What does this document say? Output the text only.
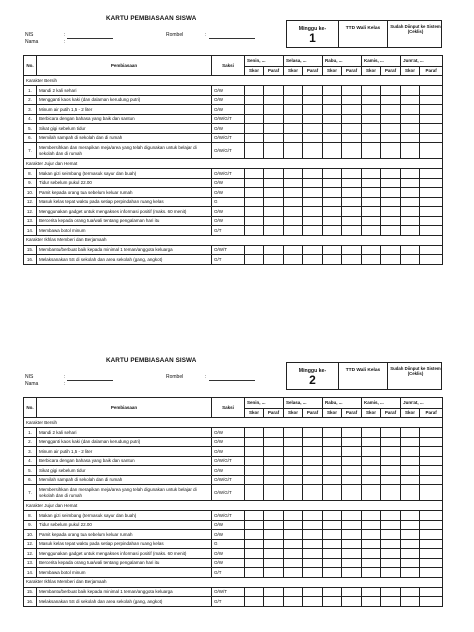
KARTU PEMBIASAAN SISWA
NIS	:
Nama	:
Rombel	:
Minggu ke-
1
TTD Wali Kelas	Sudah Diinput ke Sistem (Ceklis)
No.	Pembiasaan	Saksi	Senin, ...		Selasa, ...		Rabu, ...		Kamis, ...		Jum'at, ...	
			Skor	Paraf	Skor	Paraf	Skor	Paraf	Skor	Paraf	Skor	Paraf
Karakter Bersih												
1.	Mandi 2 kali sehari	O/W										
2.	Mengganti kaos kaki (dan dalaman kerudung putri)	O/W										
3.	Minum air putih 1,5 - 2 liter	O/W										
4.	Berbicara dengan bahasa yang baik dan santun	O/W/G/T										
5.	Sikat gigi sebelum tidur	O/W										
6.	Memilah sampah di sekolah dan di rumah	O/W/G/T										
7.	Membersihkan dan merapikan meja/area yang telah digunakan untuk belajar di sekolah dan di rumah	O/W/G/T										
Karakter Jujur dan Hemat												
8.	Makan gizi seimbang (termasuk sayur dan buah)	O/W/G/T										
9.	Tidur sebelum pukul 22.00	O/W										
10.	Pamit kepada orang tua sebelum keluar rumah	O/W										
12.	Masuk kelas tepat waktu pada setiap perpindahan ruang kelas	G										
12.	Menggunakan gadget untuk mengakses informasi positif (maks. 60 menit)	O/W										
13.	Bercerita kepada orang tua/wali tentang pengalaman hari itu	O/W										
14.	Membawa botol minum	G/T										
Karakter Ikhlas Memberi dan Berjamaah												
15.	Membantu/berbuat baik kepada minimal 1 teman/anggota keluarga	O/W/T										
16.	Melaksanakan 5S di sekolah dan area sekolah (gang, angkot)	G/T										
KARTU PEMBIASAAN SISWA
NIS	:
Nama	:
Rombel	:
Minggu ke-
2
TTD Wali Kelas	Sudah Diinput ke Sistem (Ceklis)
No.	Pembiasaan	Saksi	Senin, ...		Selasa, ...		Rabu, ...		Kamis, ...		Jum'at, ...	
			Skor	Paraf	Skor	Paraf	Skor	Paraf	Skor	Paraf	Skor	Paraf
Karakter Bersih												
1.	Mandi 2 kali sehari	O/W										
2.	Mengganti kaos kaki (dan dalaman kerudung putri)	O/W										
3.	Minum air putih 1,5 - 2 liter	O/W										
4.	Berbicara dengan bahasa yang baik dan santun	O/W/G/T										
5.	Sikat gigi sebelum tidur	O/W										
6.	Memilah sampah di sekolah dan di rumah	O/W/G/T										
7.	Membersihkan dan merapikan meja/area yang telah digunakan untuk belajar di sekolah dan di rumah	O/W/G/T										
Karakter Jujur dan Hemat												
8.	Makan gizi seimbang (termasuk sayur dan buah)	O/W/G/T										
9.	Tidur sebelum pukul 22.00	O/W										
10.	Pamit kepada orang tua sebelum keluar rumah	O/W										
12.	Masuk kelas tepat waktu pada setiap perpindahan ruang kelas	G										
12.	Menggunakan gadget untuk mengakses informasi positif (maks. 60 menit)	O/W										
13.	Bercerita kepada orang tua/wali tentang pengalaman hari itu	O/W										
14.	Membawa botol minum	G/T										
Karakter Ikhlas Memberi dan Berjamaah												
15.	Membantu/berbuat baik kepada minimal 1 teman/anggota keluarga	O/W/T										
16.	Melaksanakan 5S di sekolah dan area sekolah (gang, angkot)	G/T										
